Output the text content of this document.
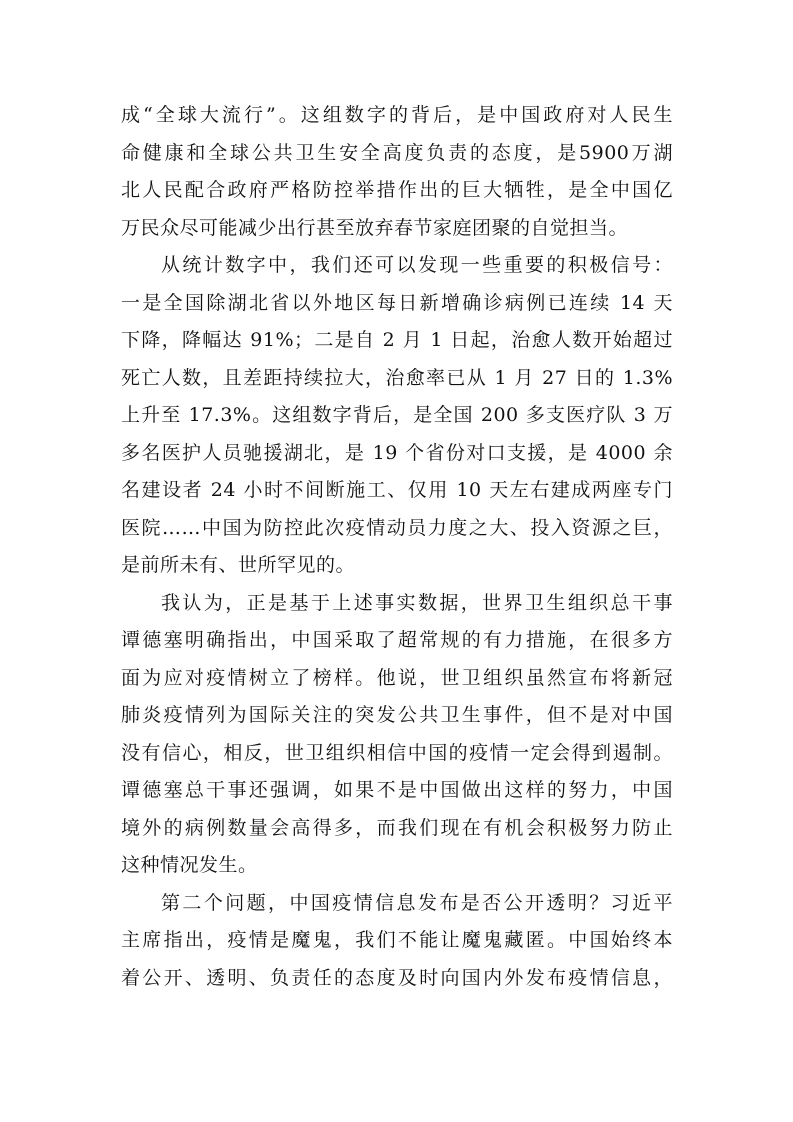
成“全球大流行”。这组数字的背后，是中国政府对人民生
命健康和全球公共卫生安全高度负责的态度，是5900万湖
北人民配合政府严格防控举措作出的巨大牺牲，是全中国亿
万民众尽可能减少出行甚至放弃春节家庭团聚的自觉担当。
从统计数字中，我们还可以发现一些重要的积极信号：
一是全国除湖北省以外地区每日新增确诊病例已连续 14 天
下降，降幅达 91%；二是自 2 月 1 日起，治愈人数开始超过
死亡人数，且差距持续拉大，治愈率已从 1 月 27 日的 1.3%
上升至 17.3%。这组数字背后，是全国 200 多支医疗队 3 万
多名医护人员驰援湖北，是 19 个省份对口支援，是 4000 余
名建设者 24 小时不间断施工、仅用 10 天左右建成两座专门
医院……中国为防控此次疫情动员力度之大、投入资源之巨，
是前所未有、世所罕见的。
我认为，正是基于上述事实数据，世界卫生组织总干事
谭德塞明确指出，中国采取了超常规的有力措施，在很多方
面为应对疫情树立了榜样。他说，世卫组织虽然宣布将新冠
肺炎疫情列为国际关注的突发公共卫生事件，但不是对中国
没有信心，相反，世卫组织相信中国的疫情一定会得到遏制。
谭德塞总干事还强调，如果不是中国做出这样的努力，中国
境外的病例数量会高得多，而我们现在有机会积极努力防止
这种情况发生。
第二个问题，中国疫情信息发布是否公开透明？习近平
主席指出，疫情是魔鬼，我们不能让魔鬼藏匿。中国始终本
着公开、透明、负责任的态度及时向国内外发布疫情信息，
